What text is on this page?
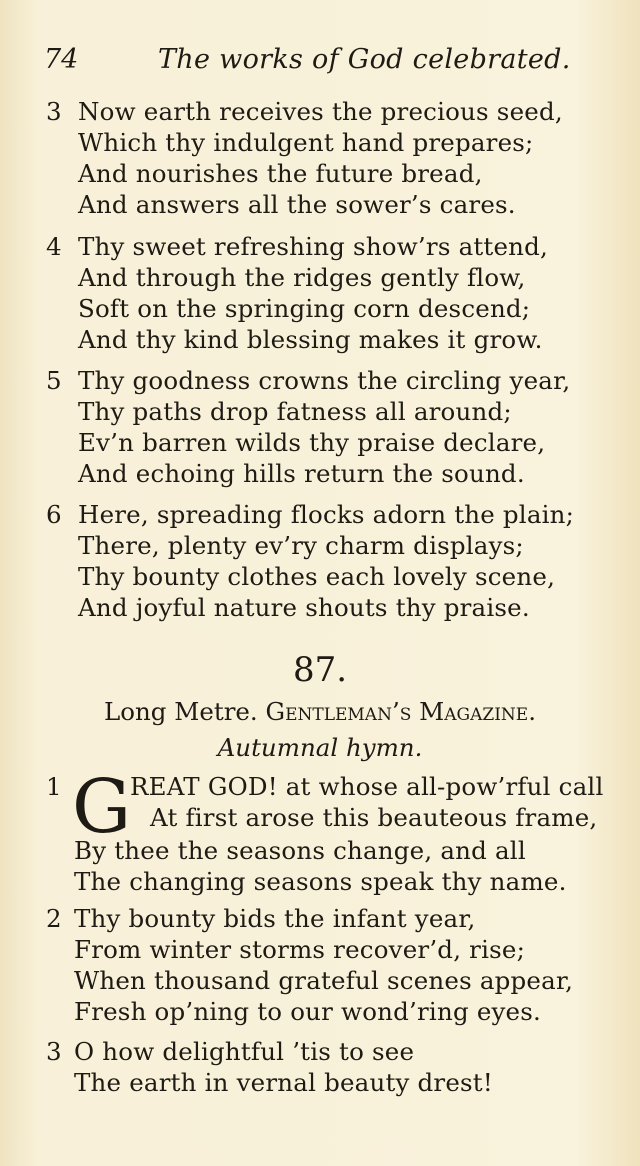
74	The works of God celebrated.
3 Now earth receives the precious seed,
Which thy indulgent hand prepares;
And nourishes the future bread,
And answers all the sower’s cares.
4 Thy sweet refreshing show’rs attend,
And through the ridges gently flow,
Soft on the springing corn descend;
And thy kind blessing makes it grow.
5 Thy goodness crowns the circling year,
Thy paths drop fatness all around;
Ev’n barren wilds thy praise declare,
And echoing hills return the sound.
6 Here, spreading flocks adorn the plain;
There, plenty ev’ry charm displays;
Thy bounty clothes each lovely scene,
And joyful nature shouts thy praise.
87.
Long Metre. Gentleman’s Magazine.
Autumnal hymn.
1 G
REAT GOD! at whose all-pow’rful call
At first arose this beauteous frame,
By thee the seasons change, and all
The changing seasons speak thy name.
2 Thy bounty bids the infant year,
From winter storms recover’d, rise;
When thousand grateful scenes appear,
Fresh op’ning to our wond’ring eyes.
3 O how delightful ’tis to see
The earth in vernal beauty drest!
